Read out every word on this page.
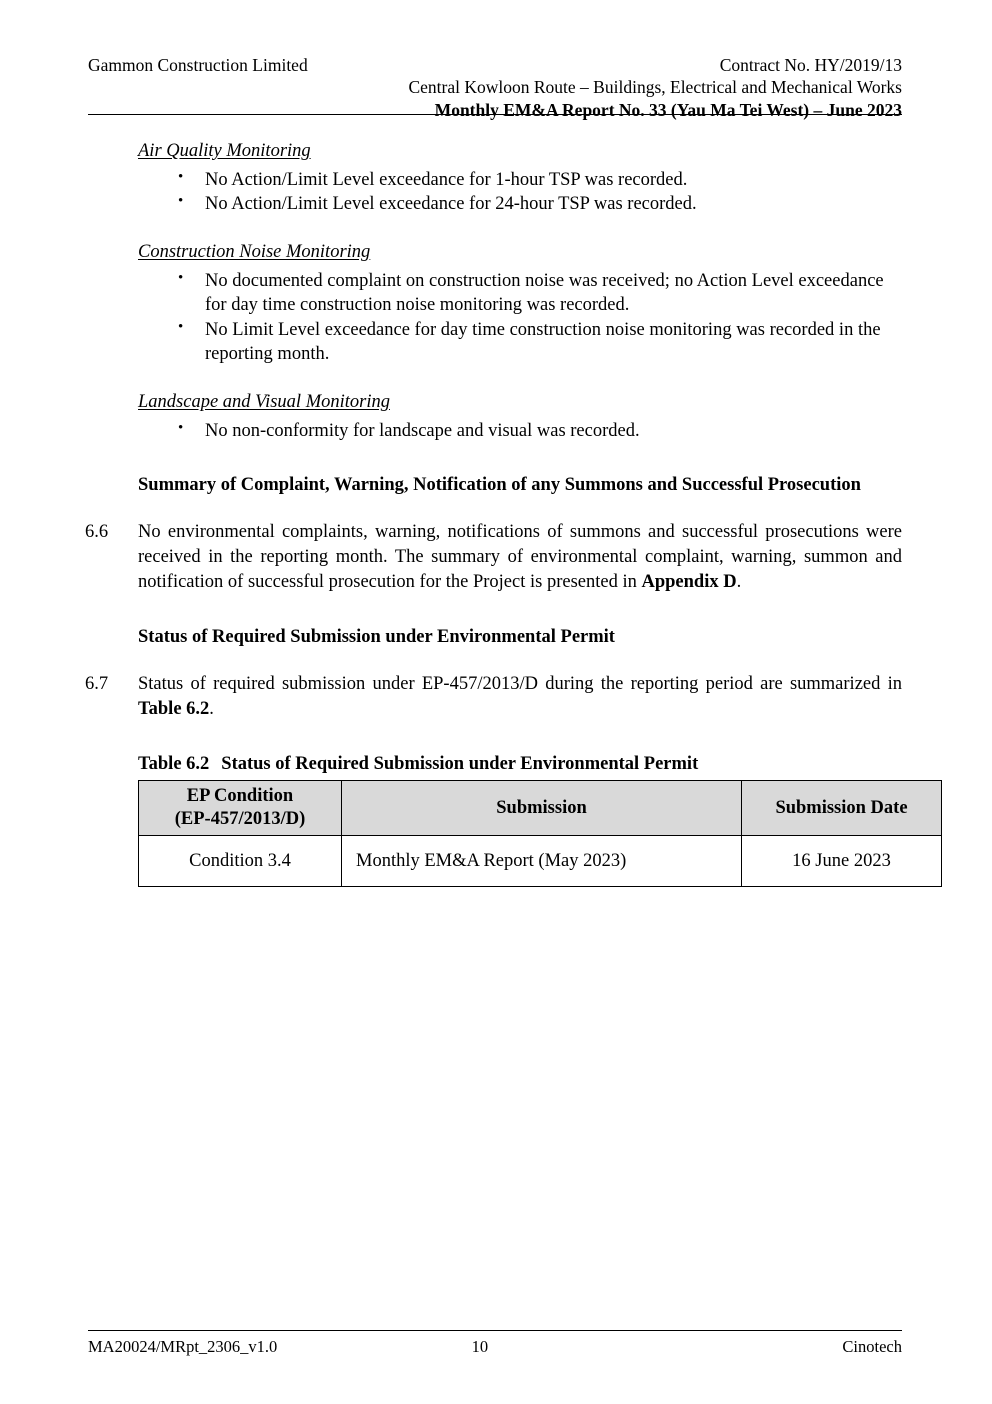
Gammon Construction Limited	Contract No. HY/2019/13
Central Kowloon Route – Buildings, Electrical and Mechanical Works
Monthly EM&A Report No. 33 (Yau Ma Tei West) – June 2023
Air Quality Monitoring
• No Action/Limit Level exceedance for 1-hour TSP was recorded.
• No Action/Limit Level exceedance for 24-hour TSP was recorded.
Construction Noise Monitoring
• No documented complaint on construction noise was received; no Action Level exceedance for day time construction noise monitoring was recorded.
• No Limit Level exceedance for day time construction noise monitoring was recorded in the reporting month.
Landscape and Visual Monitoring
• No non-conformity for landscape and visual was recorded.
Summary of Complaint, Warning, Notification of any Summons and Successful Prosecution
6.6	No environmental complaints, warning, notifications of summons and successful prosecutions were received in the reporting month. The summary of environmental complaint, warning, summon and notification of successful prosecution for the Project is presented in Appendix D.
Status of Required Submission under Environmental Permit
6.7	Status of required submission under EP-457/2013/D during the reporting period are summarized in Table 6.2.
Table 6.2 Status of Required Submission under Environmental Permit
EP Condition
(EP-457/2013/D)	Submission	Submission Date
Condition 3.4	Monthly EM&A Report (May 2023)	16 June 2023
MA20024/MRpt_2306_v1.0	10	Cinotech
